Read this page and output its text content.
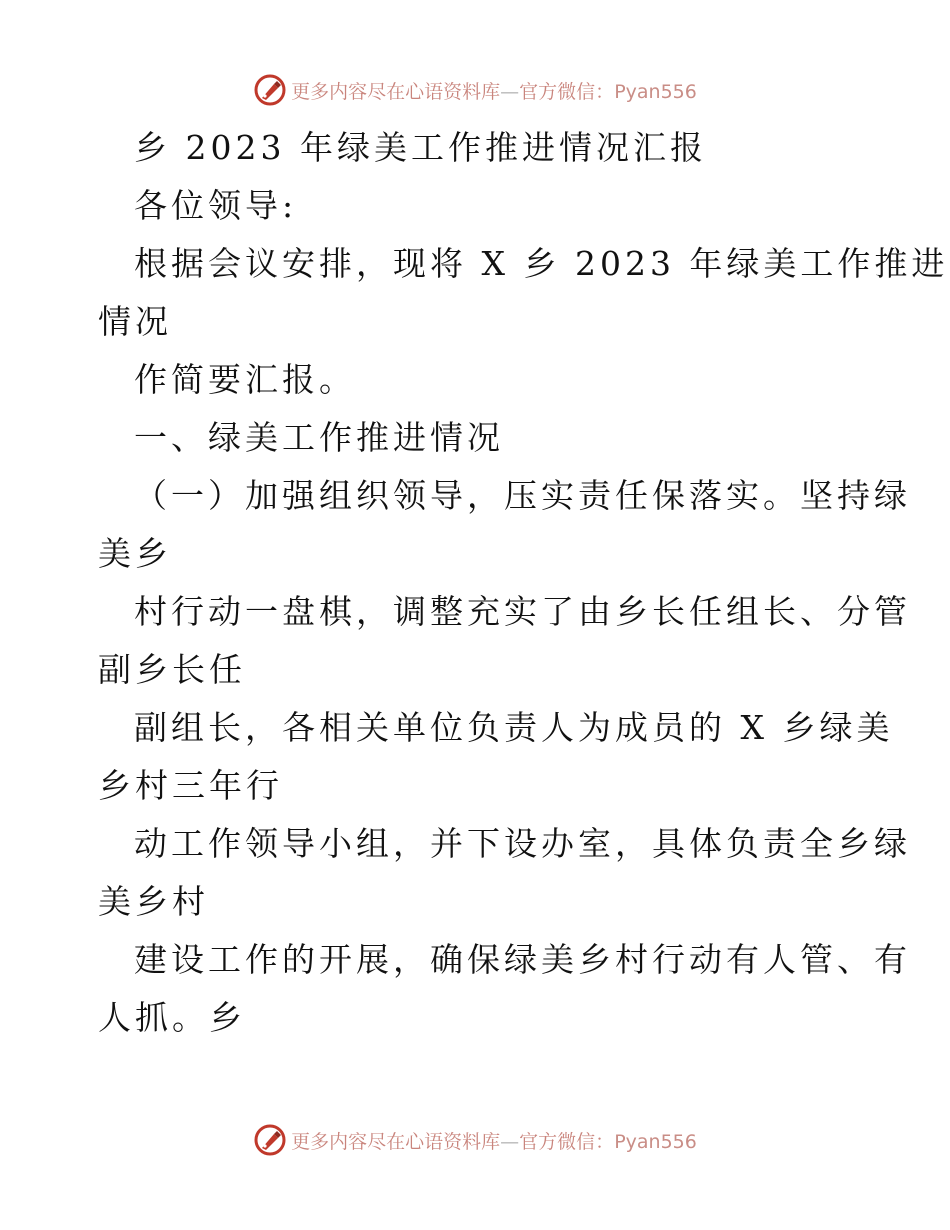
更多内容尽在心语资料库—官方微信：Pyan556
乡 2023 年绿美工作推进情况汇报
各位领导:
根据会议安排，现将 X 乡 2023 年绿美工作推进
情况
作简要汇报。
一、绿美工作推进情况
（一）加强组织领导，压实责任保落实。坚持绿
美乡
村行动一盘棋，调整充实了由乡长任组长、分管
副乡长任
副组长，各相关单位负责人为成员的 X 乡绿美
乡村三年行
动工作领导小组，并下设办室，具体负责全乡绿
美乡村
建设工作的开展，确保绿美乡村行动有人管、有
人抓。乡
更多内容尽在心语资料库—官方微信：Pyan556
